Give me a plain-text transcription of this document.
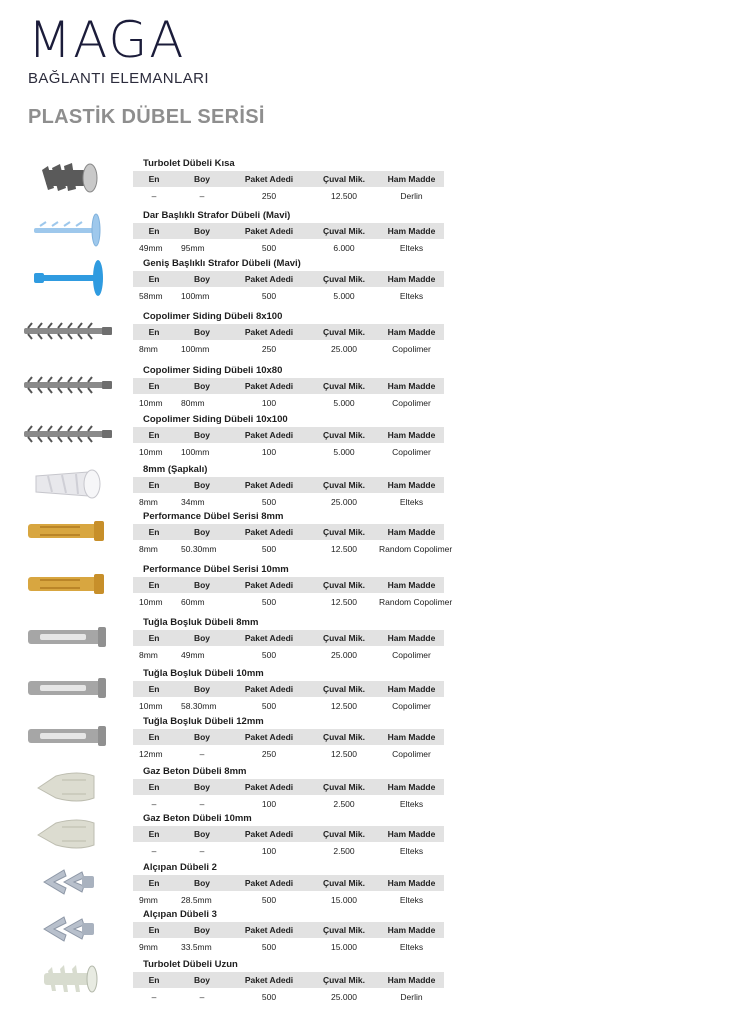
MAGA
BAĞLANTI ELEMANLARI
PLASTİK DÜBEL SERİSİ
Turbolet Dübeli Kısa
En	Boy	Paket Adedi	Çuval Mik.	Ham Madde
–	–	250	12.500	Derlin
Dar Başlıklı Strafor Dübeli (Mavi)
En	Boy	Paket Adedi	Çuval Mik.	Ham Madde
49mm	95mm	500	6.000	Elteks
Geniş Başlıklı Strafor Dübeli (Mavi)
En	Boy	Paket Adedi	Çuval Mik.	Ham Madde
58mm	100mm	500	5.000	Elteks
Copolimer Siding Dübeli 8x100
En	Boy	Paket Adedi	Çuval Mik.	Ham Madde
8mm	100mm	250	25.000	Copolimer
Copolimer Siding Dübeli 10x80
En	Boy	Paket Adedi	Çuval Mik.	Ham Madde
10mm	80mm	100	5.000	Copolimer
Copolimer Siding Dübeli 10x100
En	Boy	Paket Adedi	Çuval Mik.	Ham Madde
10mm	100mm	100	5.000	Copolimer
8mm (Şapkalı)
En	Boy	Paket Adedi	Çuval Mik.	Ham Madde
8mm	34mm	500	25.000	Elteks
Performance Dübel Serisi 8mm
En	Boy	Paket Adedi	Çuval Mik.	Ham Madde
8mm	50.30mm	500	12.500	Random Copolimer
Performance Dübel Serisi 10mm
En	Boy	Paket Adedi	Çuval Mik.	Ham Madde
10mm	60mm	500	12.500	Random Copolimer
Tuğla Boşluk Dübeli 8mm
En	Boy	Paket Adedi	Çuval Mik.	Ham Madde
8mm	49mm	500	25.000	Copolimer
Tuğla Boşluk Dübeli 10mm
En	Boy	Paket Adedi	Çuval Mik.	Ham Madde
10mm	58.30mm	500	12.500	Copolimer
Tuğla Boşluk Dübeli 12mm
En	Boy	Paket Adedi	Çuval Mik.	Ham Madde
12mm	–	250	12.500	Copolimer
Gaz Beton Dübeli 8mm
En	Boy	Paket Adedi	Çuval Mik.	Ham Madde
–	–	100	2.500	Elteks
Gaz Beton Dübeli 10mm
En	Boy	Paket Adedi	Çuval Mik.	Ham Madde
–	–	100	2.500	Elteks
Alçıpan Dübeli 2
En	Boy	Paket Adedi	Çuval Mik.	Ham Madde
9mm	28.5mm	500	15.000	Elteks
Alçıpan Dübeli 3
En	Boy	Paket Adedi	Çuval Mik.	Ham Madde
9mm	33.5mm	500	15.000	Elteks
Turbolet Dübeli Uzun
En	Boy	Paket Adedi	Çuval Mik.	Ham Madde
–	–	500	25.000	Derlin
